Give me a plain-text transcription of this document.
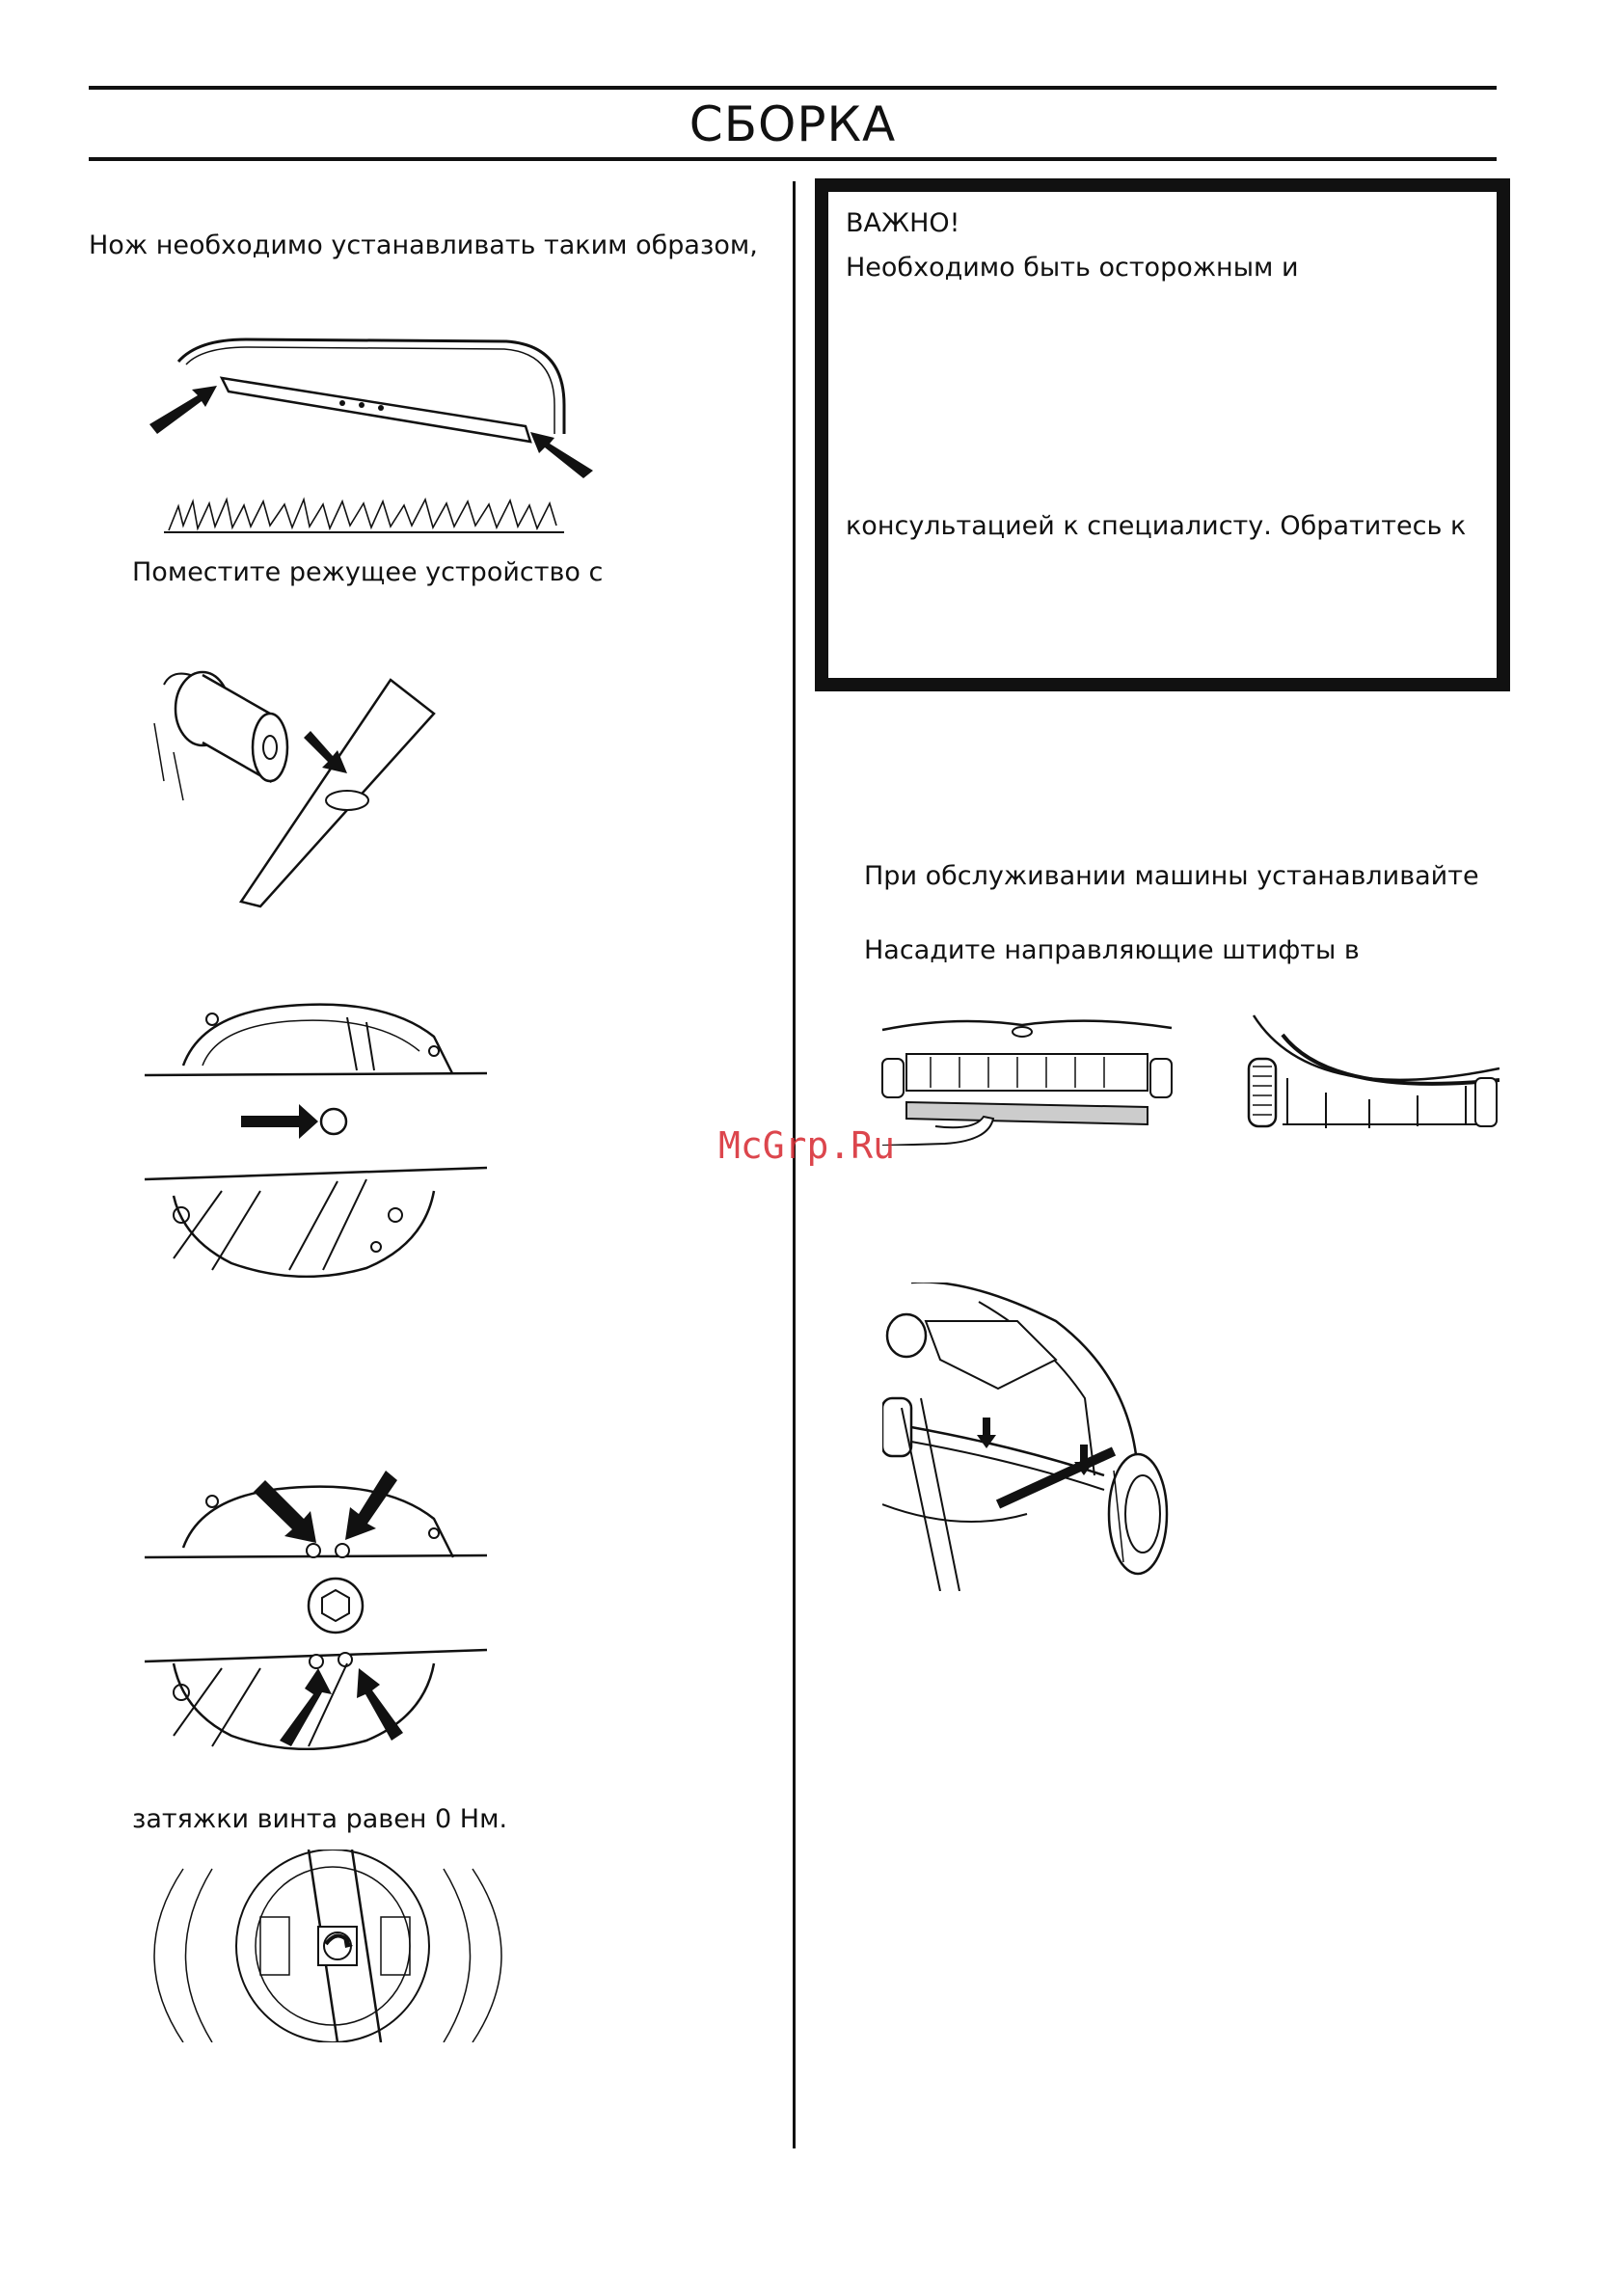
СБОРКА
Нож необходимо устанавливать таким образом,
Поместите режущее устройство с
затяжки винта равен 0 Нм.
ВАЖНО!
Необходимо быть осторожным и
консультацией к специалисту. Обратитесь к
При обслуживании машины устанавливайте
Насадите направляющие штифты в
McGrp.Ru
